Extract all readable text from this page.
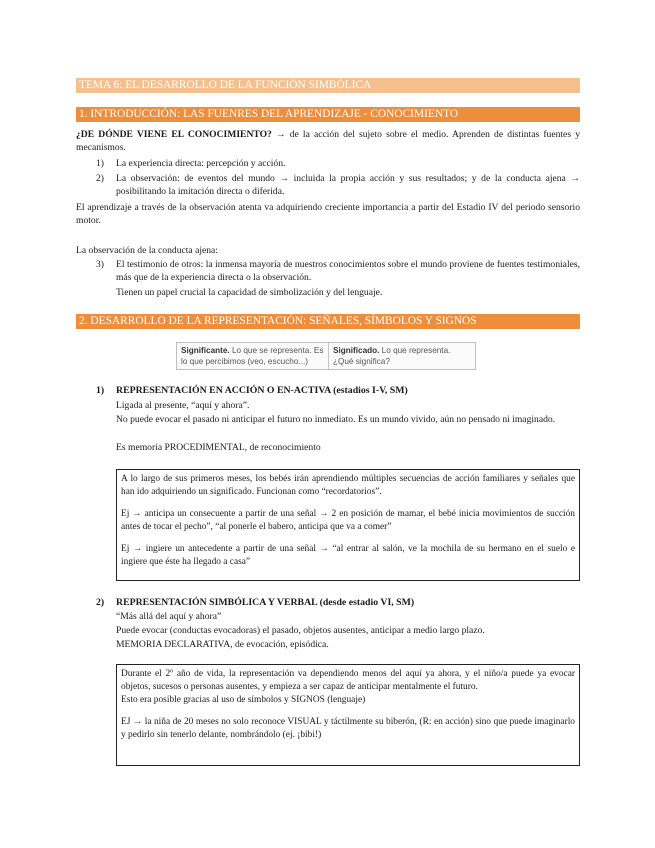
TEMA 6: EL DESARROLLO DE LA FUNCIÓN SIMBÓLICA
1. INTRODUCCIÓN: LAS FUENRES DEL APRENDIZAJE - CONOCIMIENTO
¿DE DÓNDE VIENE EL CONOCIMIENTO? → de la acción del sujeto sobre el medio. Aprenden de distintas fuentes y mecanismos.
1) La experiencia directa: percepción y acción.
2) La observación: de eventos del mundo → incluida la propia acción y sus resultados; y de la conducta ajena → posibilitando la imitación directa o diferida.
El aprendizaje a través de la observación atenta va adquiriendo creciente importancia a partir del Estadio IV del periodo sensorio motor.
La observación de la conducta ajena:
3) El testimonio de otros: la inmensa mayoría de nuestros conocimientos sobre el mundo proviene de fuentes testimoniales, más que de la experiencia directa o la observación.
Tienen un papel crucial la capacidad de simbolización y del lenguaje.
2. DESARROLLO DE LA REPRESENTACIÓN: SEÑALES, SÍMBOLOS Y SIGNOS
Significante. Lo que se representa. Es lo que percibimos (veo, escucho...)
Significado. Lo que representa. ¿Qué significa?
1) REPRESENTACIÓN EN ACCIÓN O EN-ACTIVA (estadios I-V, SM)
Ligada al presente, “aquí y ahora”.
No puede evocar el pasado ni anticipar el futuro no inmediato. Es un mundo vivido, aún no pensado ni imaginado.
Es memoria PROCEDIMENTAL, de reconocimiento

A lo largo de sus primeros meses, los bebés irán aprendiendo múltiples secuencias de acción familiares y señales que han ido adquiriendo un significado. Funcionan como “recordatorios”.

Ej → anticipa un consecuente a partir de una señal → 2 en posición de mamar, el bebé inicia movimientos de succión antes de tocar el pecho”, “al ponerle el babero, anticipa que va a comer”

Ej → ingiere un antecedente a partir de una señal → “al entrar al salón, ve la mochila de su hermano en el suelo e ingiere que éste ha llegado a casa”

2) REPRESENTACIÓN SIMBÓLICA Y VERBAL (desde estadio VI, SM)
“Más allá del aquí y ahora”
Puede evocar (conductas evocadoras) el pasado, objetos ausentes, anticipar a medio largo plazo.
MEMORIA DECLARATIVA, de evocación, episódica.

Durante el 2º año de vida, la representación va dependiendo menos del aquí ya ahora, y el niño/a puede ya evocar objetos, sucesos o personas ausentes, y empieza a ser capaz de anticipar mentalmente el futuro.

Esto era posible gracias al uso de símbolos y SIGNOS (lenguaje)

EJ → la niña de 20 meses no solo reconoce VISUAL y táctilmente su biberón, (R: en acción) sino que puede imaginarlo y pedirlo sin tenerlo delante, nombrándolo (ej. ¡bibi!)
